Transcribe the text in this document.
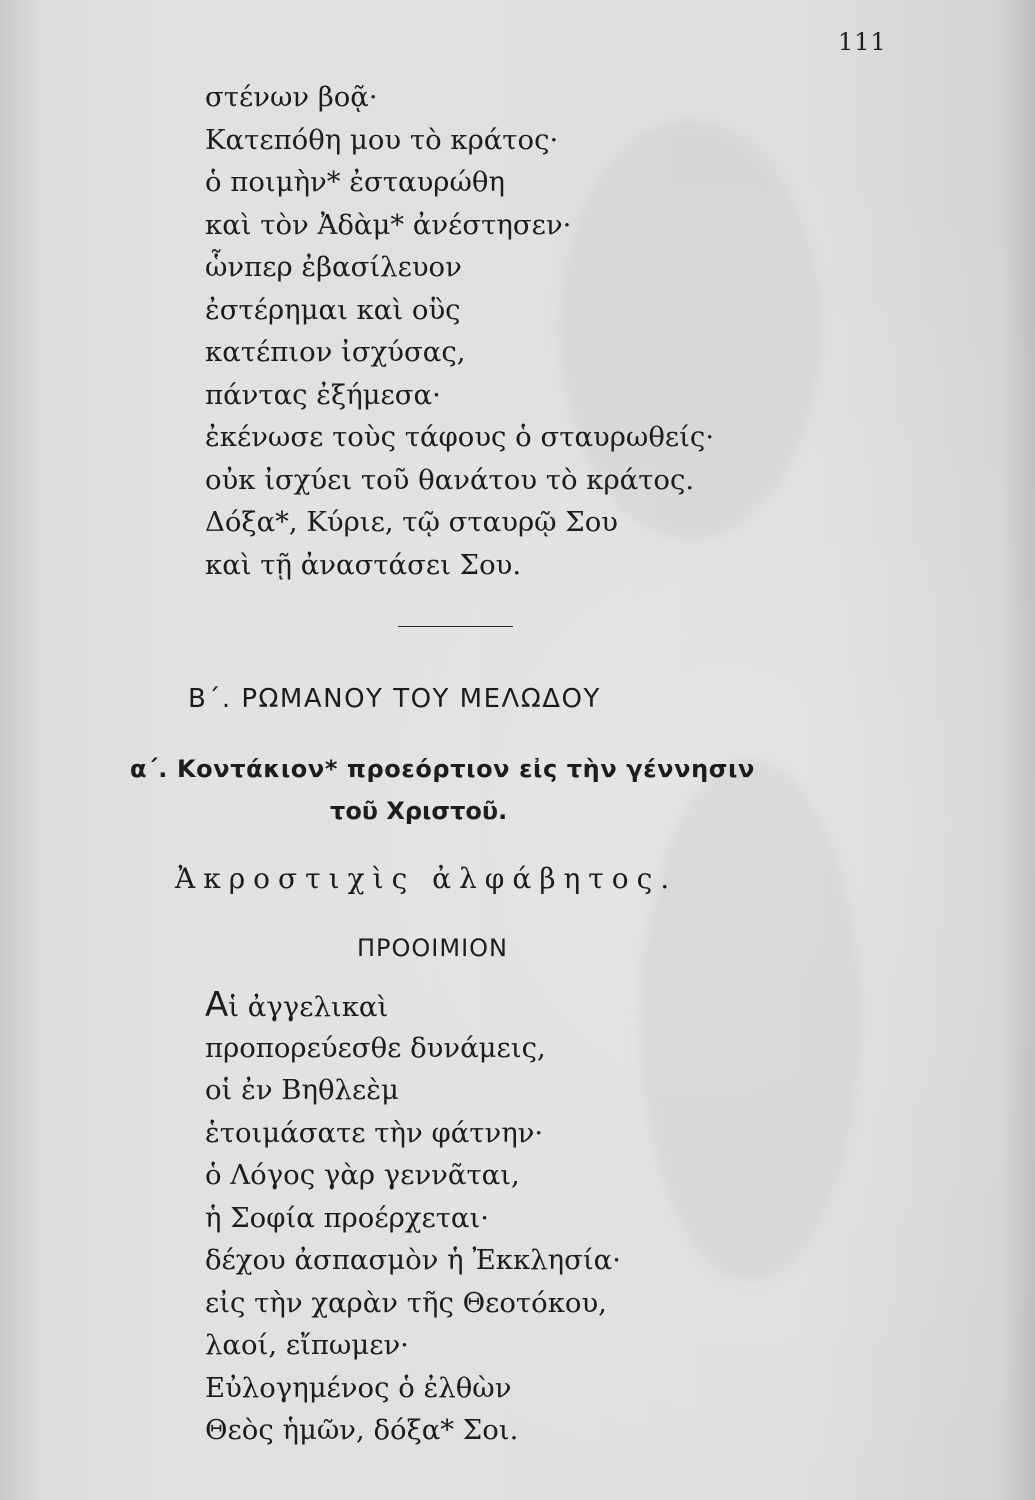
111
στένων βοᾷ·
Κατεπόθη μου τὸ κράτος·
ὁ ποιμὴν* ἐσταυρώθη
καὶ τὸν Ἀδὰμ* ἀνέστησεν·
ὧνπερ ἐβασίλευον
ἐστέρημαι καὶ οὓς
κατέπιον ἰσχύσας,
πάντας ἐξήμεσα·
ἐκένωσε τοὺς τάφους ὁ σταυρωθείς·
οὐκ ἰσχύει τοῦ θανάτου τὸ κράτος.
Δόξα*, Κύριε, τῷ σταυρῷ Σου
καὶ τῇ ἀναστάσει Σου.
Β΄. ΡΩΜΑΝΟΥ ΤΟΥ ΜΕΛΩΔΟΥ
α΄. Κοντάκιον* προεόρτιον εἰς τὴν γέννησιν
τοῦ Χριστοῦ.
Ἀκροστιχὶς ἀλφάβητος.
ΠΡΟΟΙΜΙΟΝ
Αἱ ἀγγελικαὶ
προπορεύεσθε δυνάμεις,
οἱ ἐν Βηθλεὲμ
ἑτοιμάσατε τὴν φάτνην·
ὁ Λόγος γὰρ γεννᾶται,
ἡ Σοφία προέρχεται·
δέχου ἀσπασμὸν ἡ Ἐκκλησία·
εἰς τὴν χαρὰν τῆς Θεοτόκου,
λαοί, εἴπωμεν·
Εὐλογημένος ὁ ἐλθὼν
Θεὸς ἡμῶν, δόξα* Σοι.
